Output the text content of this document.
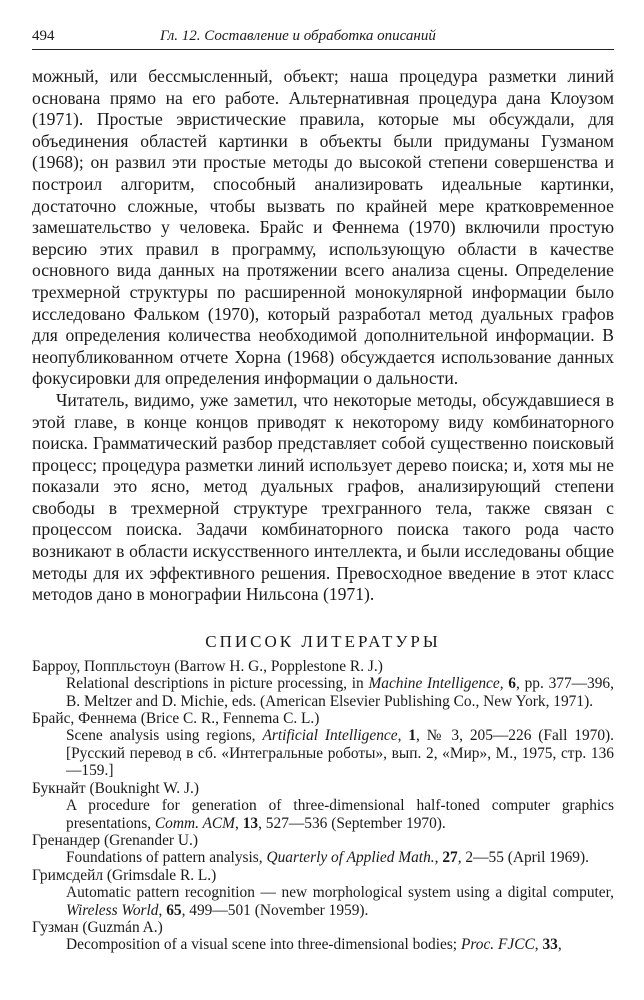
494	Гл. 12. Составление и обработка описаний

можный, или бессмысленный, объект; наша процедура разметки линий основана прямо на его работе. Альтернативная процедура дана Клоузом (1971). Простые эвристические правила, которые мы обсуждали, для объединения областей картинки в объекты были придуманы Гузманом (1968); он развил эти простые методы до высокой степени совершенства и построил алгоритм, способный анализировать идеальные картинки, достаточно сложные, чтобы вызвать по крайней мере кратковременное замешательство у человека. Брайс и Феннема (1970) включили простую версию этих правил в программу, использующую области в качестве основного вида данных на протяжении всего анализа сцены. Определение трехмерной структуры по расширенной монокулярной информации было исследовано Фальком (1970), который разработал метод дуальных графов для определения количества необходимой дополнительной информации. В неопубликованном отчете Хорна (1968) обсуждается использование данных фокусировки для определения информации о дальности.

Читатель, видимо, уже заметил, что некоторые методы, обсуждавшиеся в этой главе, в конце концов приводят к некоторому виду комбинаторного поиска. Грамматический разбор представляет собой существенно поисковый процесс; процедура разметки линий использует дерево поиска; и, хотя мы не показали это ясно, метод дуальных графов, анализирующий степени свободы в трехмерной структуре трехгранного тела, также связан с процессом поиска. Задачи комбинаторного поиска такого рода часто возникают в области искусственного интеллекта, и были исследованы общие методы для их эффективного решения. Превосходное введение в этот класс методов дано в монографии Нильсона (1971).

СПИСОК ЛИТЕРАТУРЫ

Барроу, Поппльстоун (Barrow H. G., Popplestone R. J.)

Relational descriptions in picture processing, in Machine Intelligence, 6, pp. 377—396, B. Meltzer and D. Michie, eds. (American Elsevier Publishing Co., New York, 1971).

Брайс, Феннема (Brice C. R., Fennema C. L.)

Scene analysis using regions, Artificial Intelligence, 1, № 3, 205—226 (Fall 1970). [Русский перевод в сб. «Интегральные роботы», вып. 2, «Мир», М., 1975, стр. 136—159.]

Букнайт (Bouknight W. J.)

A procedure for generation of three-dimensional half-toned computer graphics presentations, Comm. ACM, 13, 527—536 (September 1970).

Гренандер (Grenander U.)

Foundations of pattern analysis, Quarterly of Applied Math., 27, 2—55 (April 1969).

Гримсдейл (Grimsdale R. L.)

Automatic pattern recognition — new morphological system using a digital computer, Wireless World, 65, 499—501 (November 1959).

Гузман (Guzmán A.)

Decomposition of a visual scene into three-dimensional bodies; Proc. FJCC, 33,
